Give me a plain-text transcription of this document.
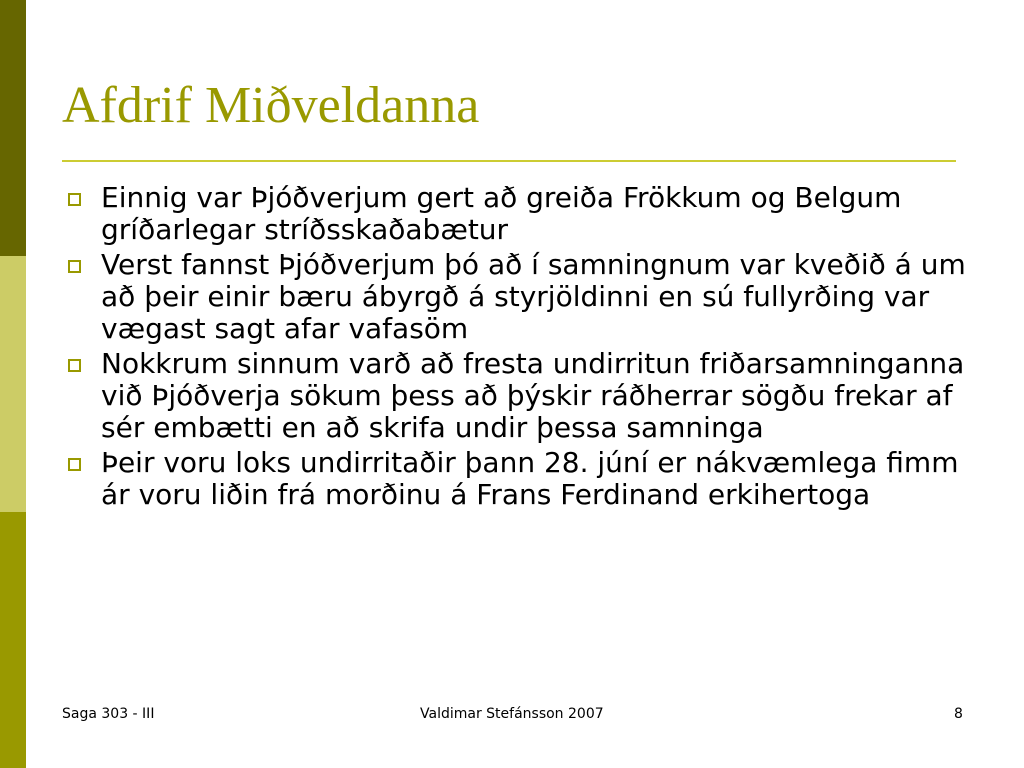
Afdrif Miðveldanna
Einnig var Þjóðverjum gert að greiða Frökkum og Belgum gríðarlegar stríðsskaðabætur
Verst fannst Þjóðverjum þó að í samningnum var kveðið á um að þeir einir bæru ábyrgð á styrjöldinni en sú fullyrðing var vægast sagt afar vafasöm
Nokkrum sinnum varð að fresta undirritun friðarsamninganna við Þjóðverja sökum þess að þýskir ráðherrar sögðu frekar af sér embætti en að skrifa undir þessa samninga
Þeir voru loks undirritaðir þann 28. júní er nákvæmlega fimm ár voru liðin frá morðinu á Frans Ferdinand erkihertoga
Saga 303 - III	Valdimar Stefánsson 2007	8
